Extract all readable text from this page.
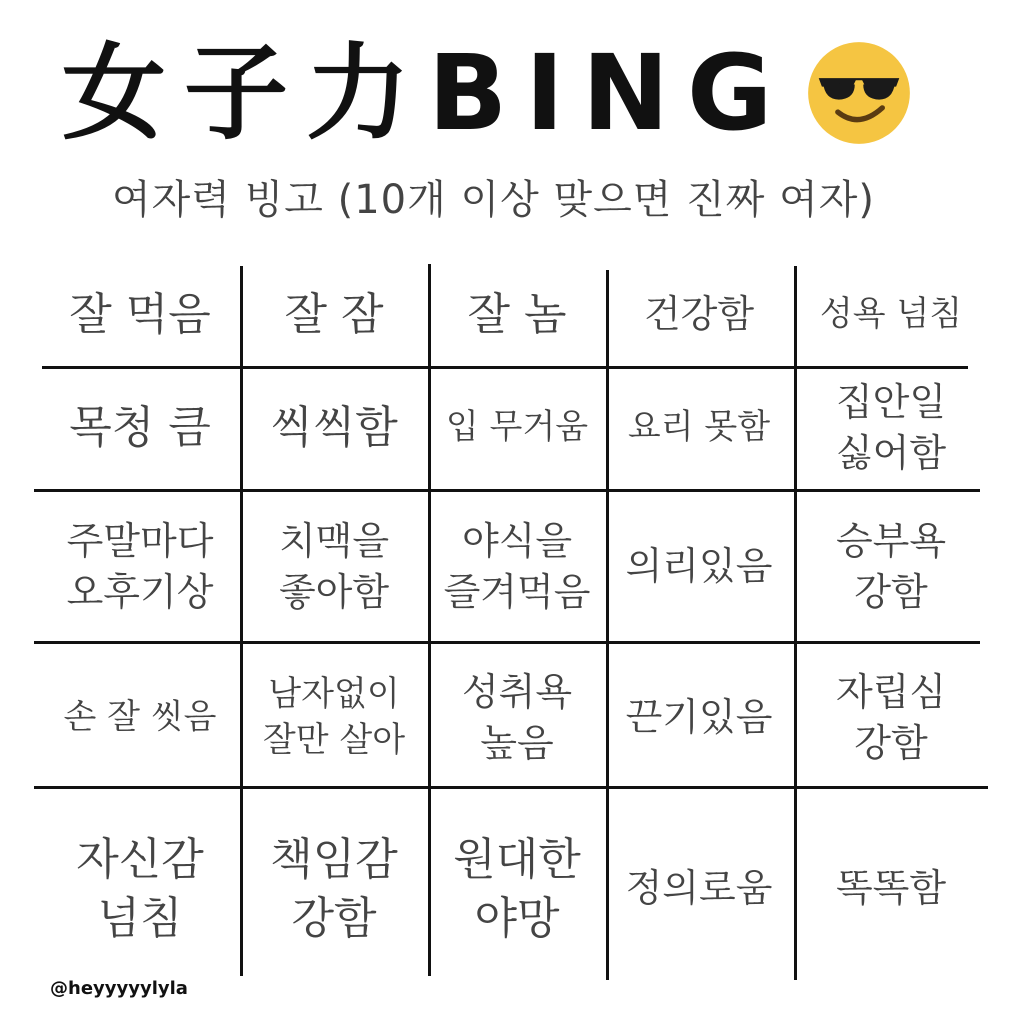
女子力BING
여자력 빙고 (10개 이상 맞으면 진짜 여자)
잘 먹음 잘 잠 잘 놈 건강함 성욕 넘침
목청 큼 씩씩함 입 무거움 요리 못함
집안일
싫어함
주말마다
오후기상
치맥을
좋아함
야식을
즐겨먹음
의리있음
승부욕
강함
손 잘 씻음
남자없이
잘만 살아
성취욕
높음
끈기있음
자립심
강함
자신감
넘침
책임감
강함
원대한
야망
정의로움 똑똑함
@heyyyyylyla
